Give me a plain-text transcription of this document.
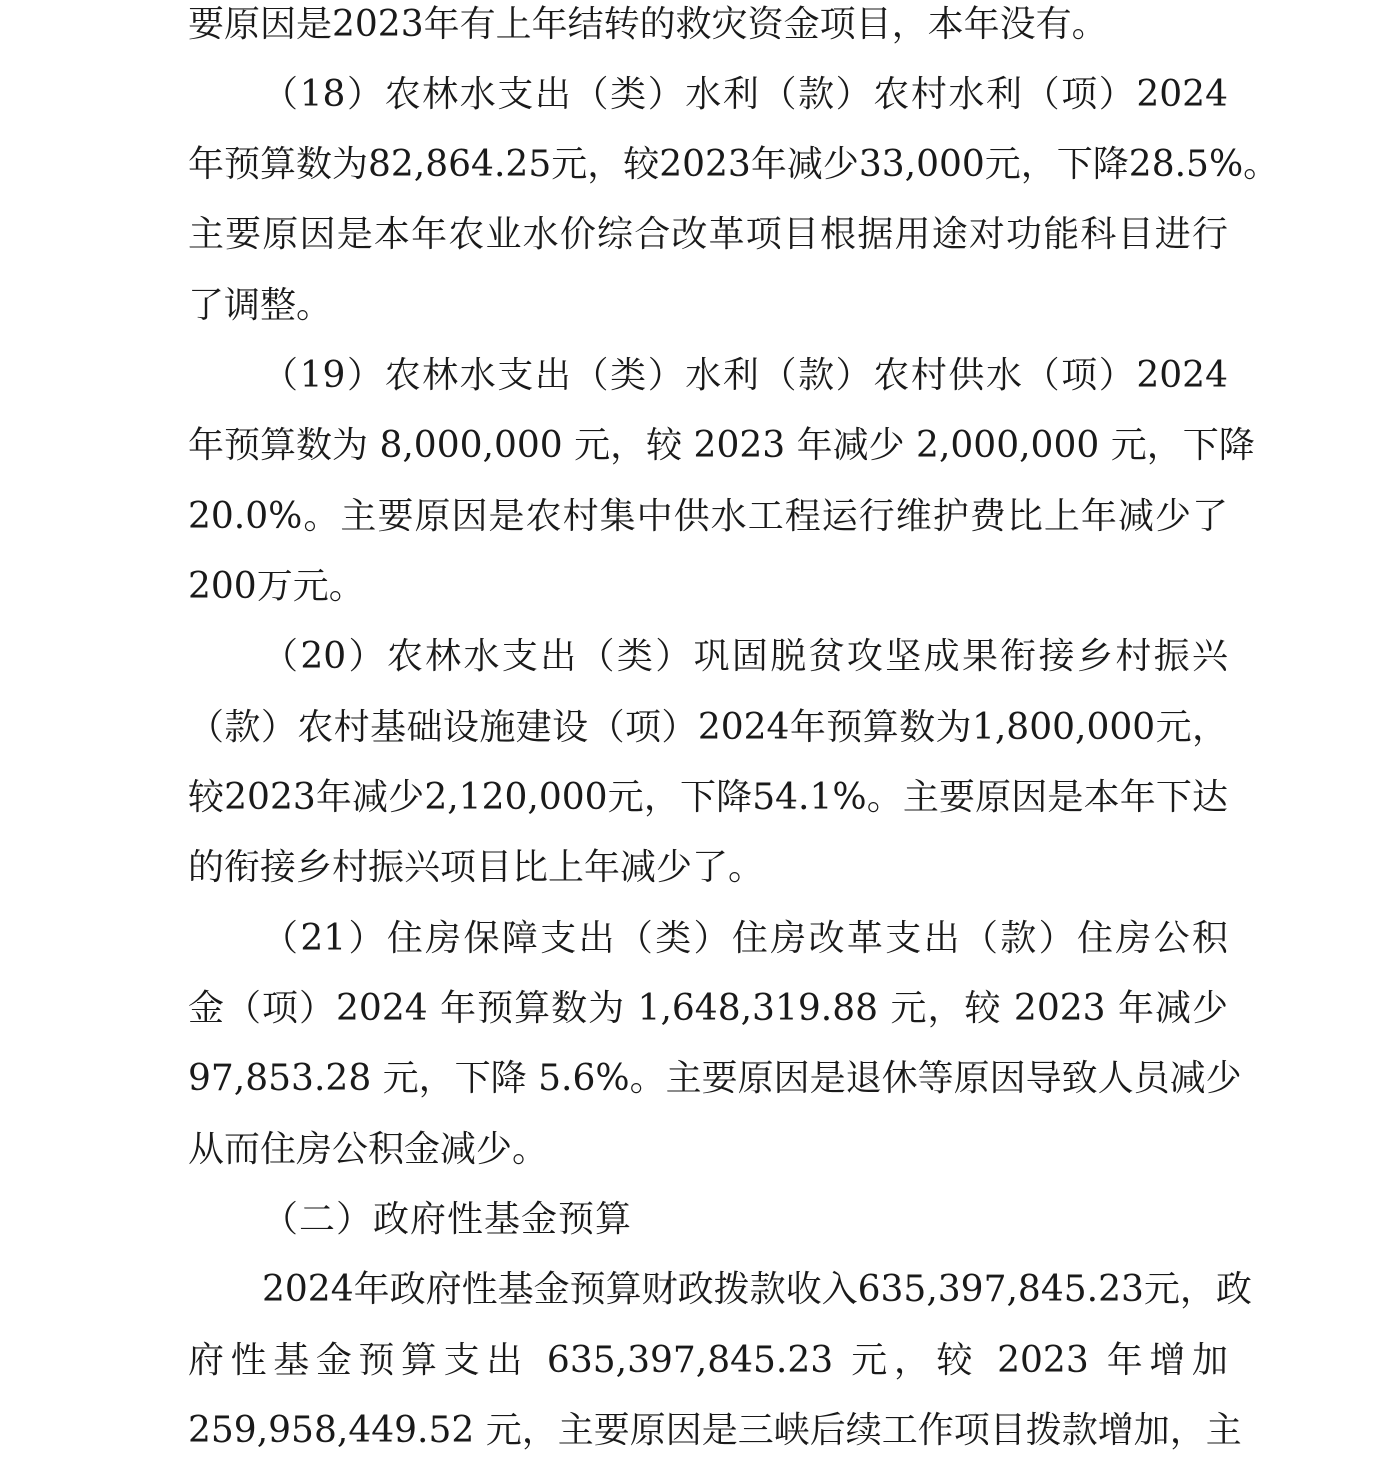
要原因是2023年有上年结转的救灾资金项目，本年没有。
（18）农林水支出（类）水利（款）农村水利（项）2024
年预算数为82,864.25元，较2023年减少33,000元，下降28.5%。
主要原因是本年农业水价综合改革项目根据用途对功能科目进行
了调整。
（19）农林水支出（类）水利（款）农村供水（项）2024
年预算数为 8,000,000 元，较 2023 年减少 2,000,000 元，下降
20.0%。主要原因是农村集中供水工程运行维护费比上年减少了
200万元。
（20）农林水支出（类）巩固脱贫攻坚成果衔接乡村振兴
（款）农村基础设施建设（项）2024年预算数为1,800,000元，
较2023年减少2,120,000元，下降54.1%。主要原因是本年下达
的衔接乡村振兴项目比上年减少了。
（21）住房保障支出（类）住房改革支出（款）住房公积
金（项）2024 年预算数为 1,648,319.88 元，较 2023 年减少
97,853.28 元，下降 5.6%。主要原因是退休等原因导致人员减少
从而住房公积金减少。
（二）政府性基金预算
2024年政府性基金预算财政拨款收入635,397,845.23元，政
府性基金预算支出 635,397,845.23 元，较 2023 年增加
259,958,449.52 元，主要原因是三峡后续工作项目拨款增加，主
